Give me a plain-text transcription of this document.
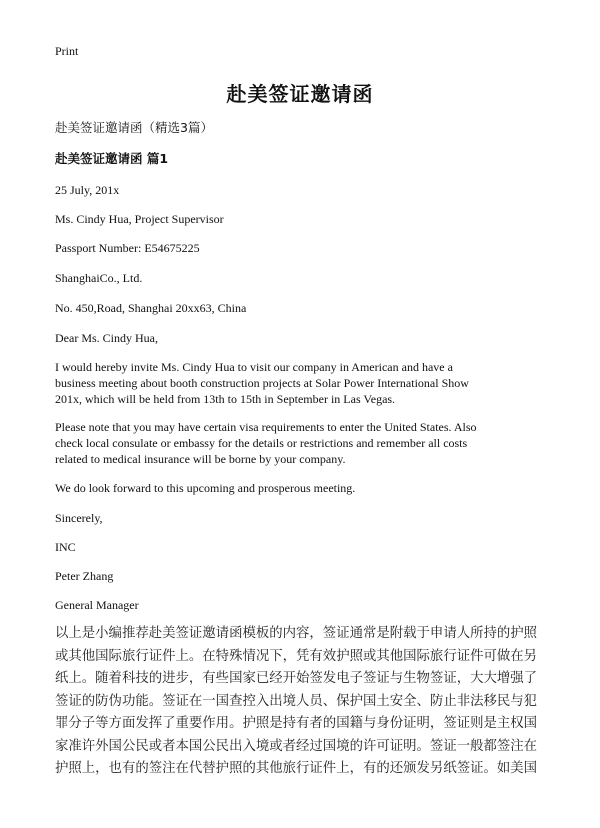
Print
赴美签证邀请函
赴美签证邀请函（精选3篇）
赴美签证邀请函 篇1
25 July, 201x
Ms. Cindy Hua, Project Supervisor
Passport Number: E54675225
ShanghaiCo., Ltd.
No. 450,Road, Shanghai 20xx63, China
Dear Ms. Cindy Hua,
I would hereby invite Ms. Cindy Hua to visit our company in American and have a
business meeting about booth construction projects at Solar Power International Show
201x, which will be held from 13th to 15th in September in Las Vegas.
Please note that you may have certain visa requirements to enter the United States. Also
check local consulate or embassy for the details or restrictions and remember all costs
related to medical insurance will be borne by your company.
We do look forward to this upcoming and prosperous meeting.
Sincerely,
INC
Peter Zhang
General Manager
以上是小编推荐赴美签证邀请函模板的内容，签证通常是附载于申请人所持的护照
或其他国际旅行证件上。在特殊情况下，凭有效护照或其他国际旅行证件可做在另
纸上。随着科技的进步，有些国家已经开始签发电子签证与生物签证，大大增强了
签证的防伪功能。签证在一国查控入出境人员、保护国土安全、防止非法移民与犯
罪分子等方面发挥了重要作用。护照是持有者的国籍与身份证明，签证则是主权国
家准许外国公民或者本国公民出入境或者经过国境的许可证明。签证一般都签注在
护照上，也有的签注在代替护照的其他旅行证件上，有的还颁发另纸签证。如美国
